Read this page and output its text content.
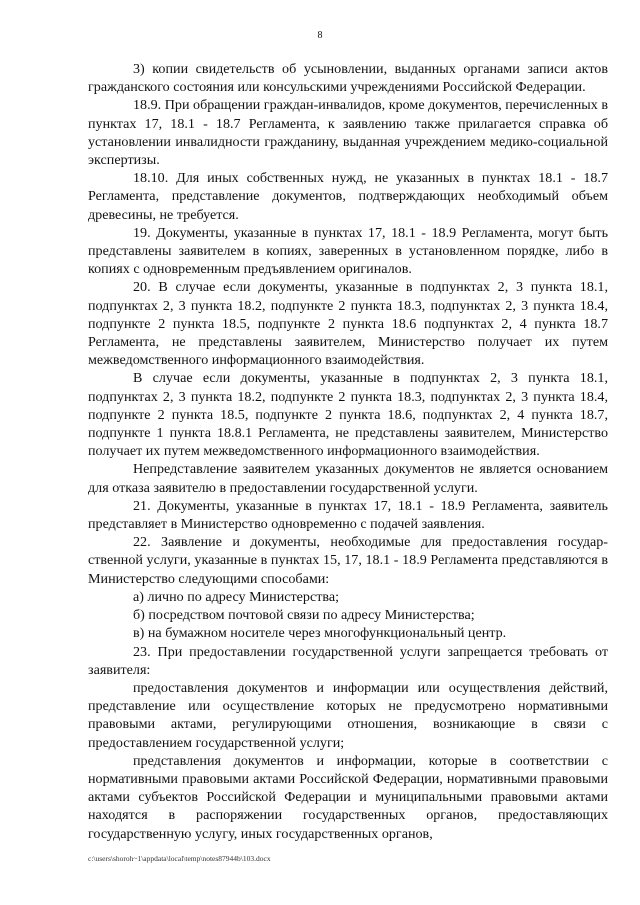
8

3) копии свидетельств об усыновлении, выданных органами записи актов гражданского состояния или консульскими учреждениями Российской Федерации.

18.9. При обращении граждан-инвалидов, кроме документов, перечисленных в пунктах 17, 18.1 - 18.7 Регламента, к заявлению также прилагается справка об установлении инвалидности гражданину, выданная учреждением медико-социальной экспертизы.

18.10. Для иных собственных нужд, не указанных в пунктах 18.1 - 18.7 Регламента, представление документов, подтверждающих необходимый объем древесины, не требуется.

19. Документы, указанные в пунктах 17, 18.1 - 18.9 Регламента, могут быть представлены заявителем в копиях, заверенных в установленном порядке, либо в копиях с одновременным предъявлением оригиналов.

20. В случае если документы, указанные в подпунктах 2, 3 пункта 18.1, подпунктах 2, 3 пункта 18.2, подпункте 2 пункта 18.3, подпунктах 2, 3 пункта 18.4, подпункте 2 пункта 18.5, подпункте 2 пункта 18.6 подпунктах 2, 4 пункта 18.7 Регламента, не представлены заявителем, Министерство получает их путем межведомственного информационного взаимодействия.

В случае если документы, указанные в подпунктах 2, 3 пункта 18.1, подпунктах 2, 3 пункта 18.2, подпункте 2 пункта 18.3, подпунктах 2, 3 пункта 18.4, подпункте 2 пункта 18.5, подпункте 2 пункта 18.6, подпунктах 2, 4 пункта 18.7, подпункте 1 пункта 18.8.1 Регламента, не представлены заявителем, Министерство получает их путем межведомственного информационного взаимодействия.

Непредставление заявителем указанных документов не является основанием для отказа заявителю в предоставлении государственной услуги.

21. Документы, указанные в пунктах 17, 18.1 - 18.9 Регламента, заявитель представляет в Министерство одновременно с подачей заявления.

22. Заявление и документы, необходимые для предоставления государ-ственной услуги, указанные в пунктах 15, 17, 18.1 - 18.9 Регламента представляются в Министерство следующими способами:

а) лично по адресу Министерства;

б) посредством почтовой связи по адресу Министерства;

в) на бумажном носителе через многофункциональный центр.

23. При предоставлении государственной услуги запрещается требовать от заявителя:

предоставления документов и информации или осуществления действий, представление или осуществление которых не предусмотрено нормативными правовыми актами, регулирующими отношения, возникающие в связи с предоставлением государственной услуги;

представления документов и информации, которые в соответствии с нормативными правовыми актами Российской Федерации, нормативными правовыми актами субъектов Российской Федерации и муниципальными правовыми актами находятся в распоряжении государственных органов, предоставляющих государственную услугу, иных государственных органов,

c:\users\shoroh~1\appdata\local\temp\notes87944b\103.docx
